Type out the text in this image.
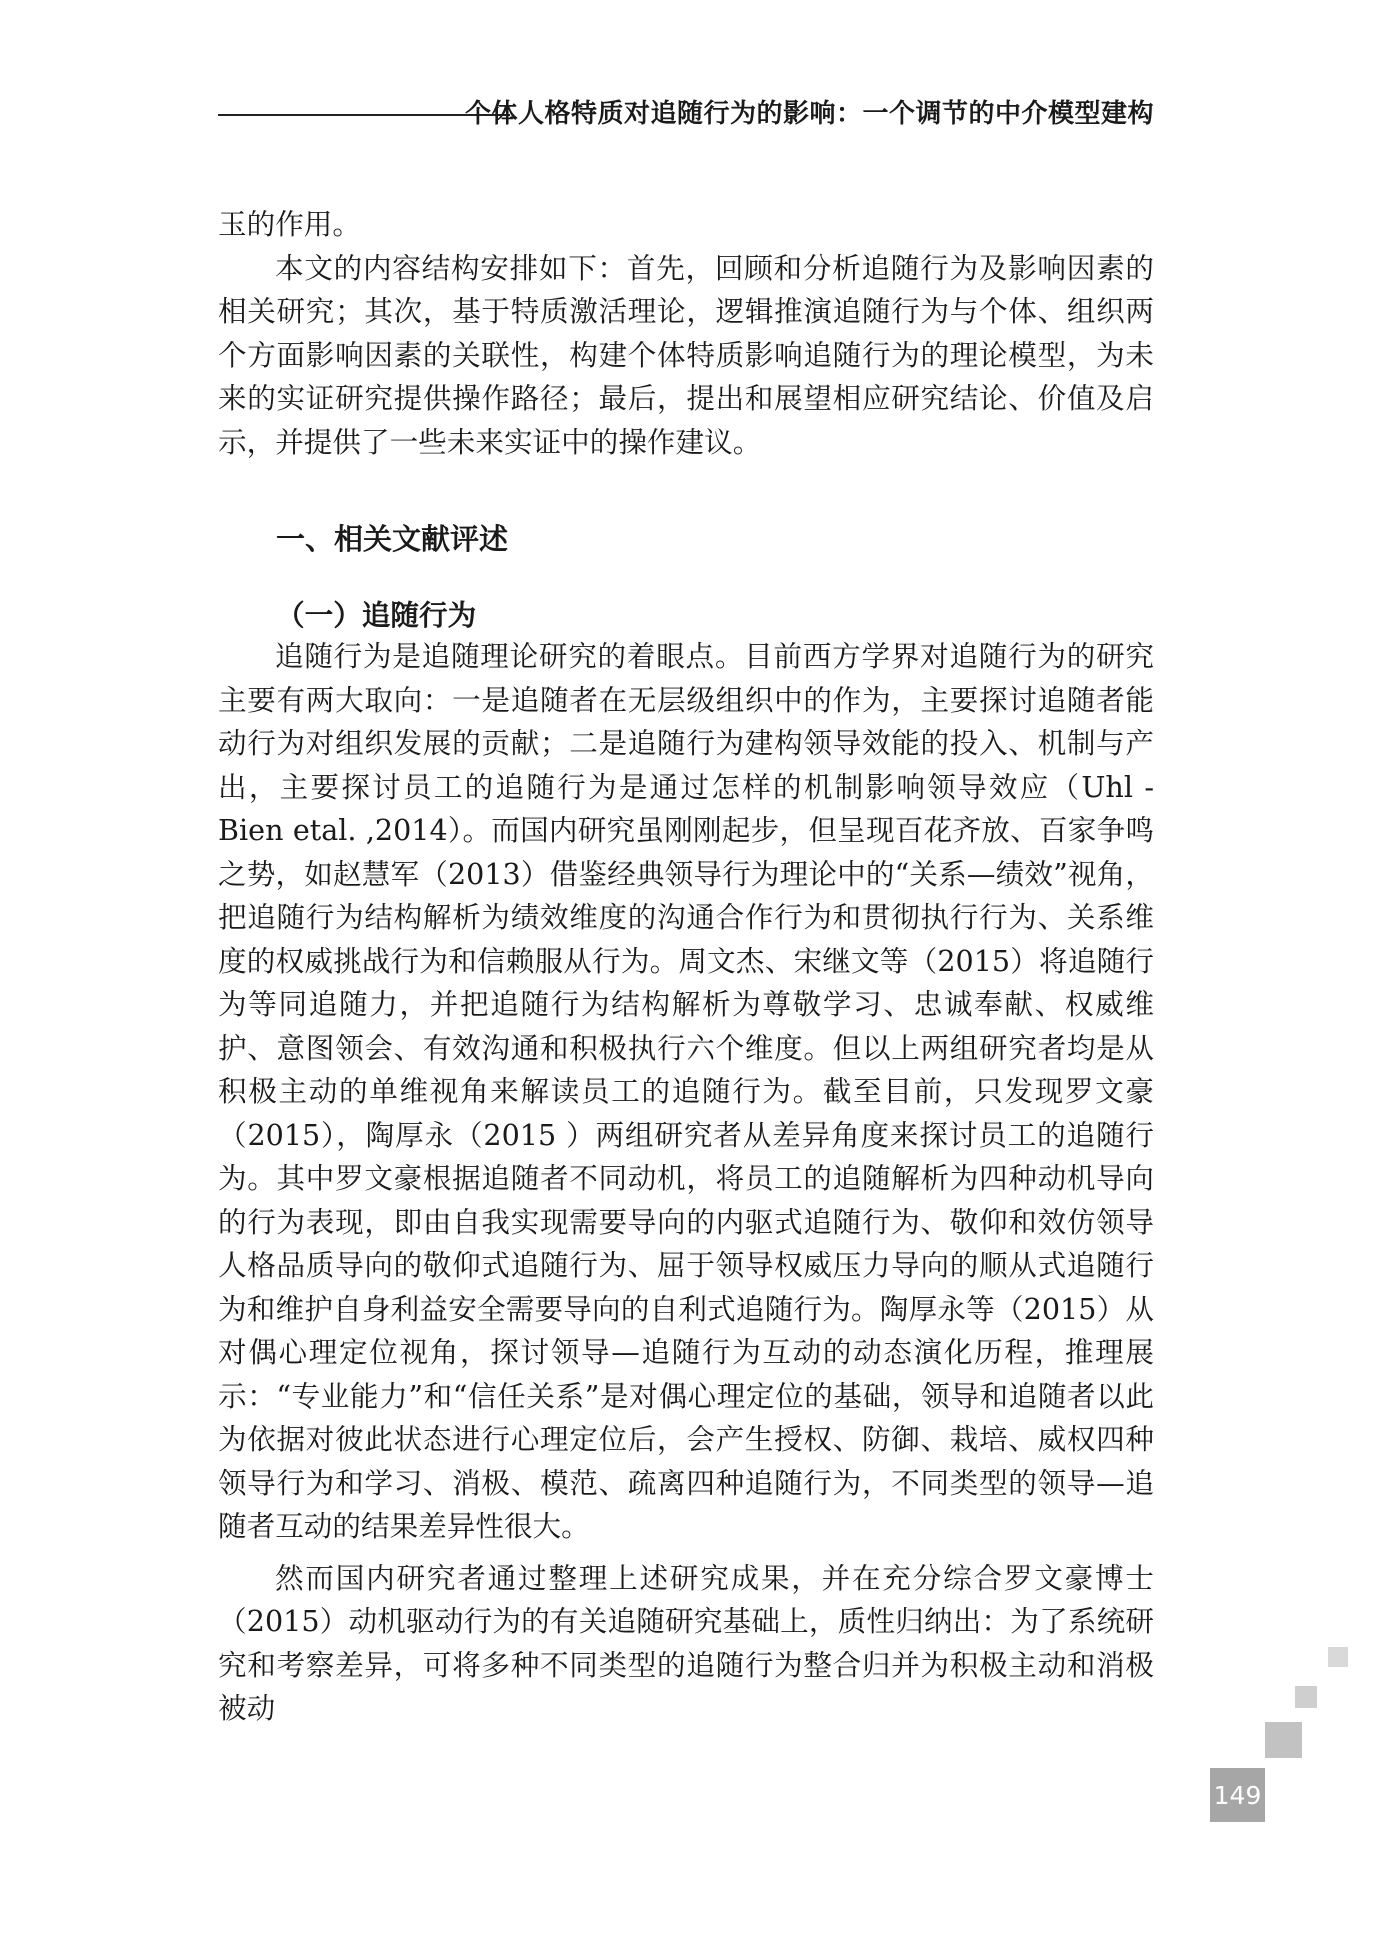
个体人格特质对追随行为的影响：一个调节的中介模型建构

玉的作用。

本文的内容结构安排如下：首先，回顾和分析追随行为及影响因素的相关研究；其次，基于特质激活理论，逻辑推演追随行为与个体、组织两个方面影响因素的关联性，构建个体特质影响追随行为的理论模型，为未来的实证研究提供操作路径；最后，提出和展望相应研究结论、价值及启示，并提供了一些未来实证中的操作建议。

一、相关文献评述
（一）追随行为

追随行为是追随理论研究的着眼点。目前西方学界对追随行为的研究主要有两大取向：一是追随者在无层级组织中的作为，主要探讨追随者能动行为对组织发展的贡献；二是追随行为建构领导效能的投入、机制与产出，主要探讨员工的追随行为是通过怎样的机制影响领导效应（Uhl - Bien etal. ,2014）。而国内研究虽刚刚起步，但呈现百花齐放、百家争鸣之势，如赵慧军（2013）借鉴经典领导行为理论中的“关系—绩效”视角，把追随行为结构解析为绩效维度的沟通合作行为和贯彻执行行为、关系维度的权威挑战行为和信赖服从行为。周文杰、宋继文等（2015）将追随行为等同追随力，并把追随行为结构解析为尊敬学习、忠诚奉献、权威维护、意图领会、有效沟通和积极执行六个维度。但以上两组研究者均是从积极主动的单维视角来解读员工的追随行为。截至目前，只发现罗文豪（2015），陶厚永（2015 ）两组研究者从差异角度来探讨员工的追随行为。其中罗文豪根据追随者不同动机，将员工的追随解析为四种动机导向的行为表现，即由自我实现需要导向的内驱式追随行为、敬仰和效仿领导人格品质导向的敬仰式追随行为、屈于领导权威压力导向的顺从式追随行为和维护自身利益安全需要导向的自利式追随行为。陶厚永等（2015）从对偶心理定位视角，探讨领导—追随行为互动的动态演化历程，推理展示：“专业能力”和“信任关系”是对偶心理定位的基础，领导和追随者以此为依据对彼此状态进行心理定位后，会产生授权、防御、栽培、威权四种领导行为和学习、消极、模范、疏离四种追随行为，不同类型的领导—追随者互动的结果差异性很大。

然而国内研究者通过整理上述研究成果，并在充分综合罗文豪博士（2015）动机驱动行为的有关追随研究基础上，质性归纳出：为了系统研究和考察差异，可将多种不同类型的追随行为整合归并为积极主动和消极被动

149
